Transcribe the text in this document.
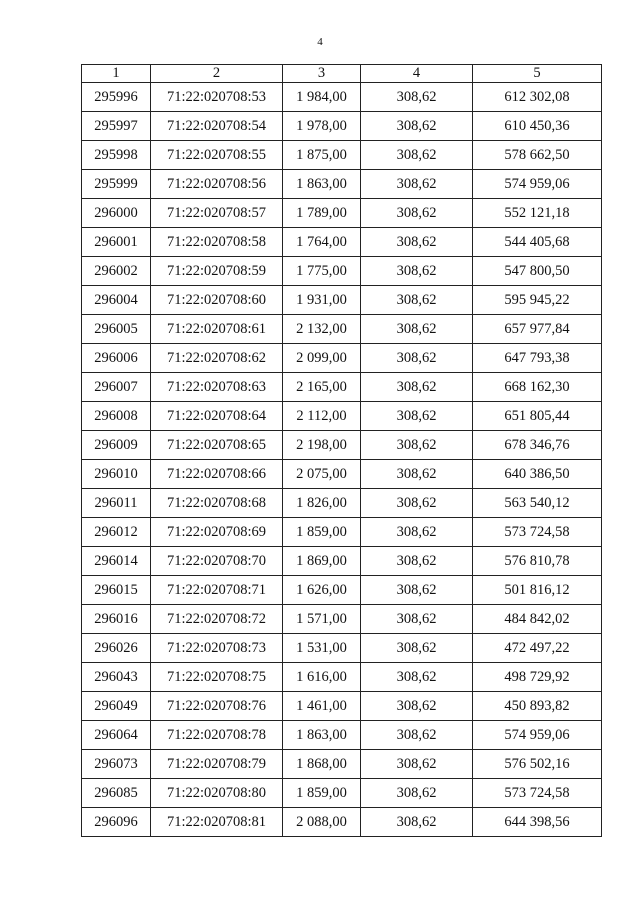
4
1	2	3	4	5
295996	71:22:020708:53	1 984,00	308,62	612 302,08
295997	71:22:020708:54	1 978,00	308,62	610 450,36
295998	71:22:020708:55	1 875,00	308,62	578 662,50
295999	71:22:020708:56	1 863,00	308,62	574 959,06
296000	71:22:020708:57	1 789,00	308,62	552 121,18
296001	71:22:020708:58	1 764,00	308,62	544 405,68
296002	71:22:020708:59	1 775,00	308,62	547 800,50
296004	71:22:020708:60	1 931,00	308,62	595 945,22
296005	71:22:020708:61	2 132,00	308,62	657 977,84
296006	71:22:020708:62	2 099,00	308,62	647 793,38
296007	71:22:020708:63	2 165,00	308,62	668 162,30
296008	71:22:020708:64	2 112,00	308,62	651 805,44
296009	71:22:020708:65	2 198,00	308,62	678 346,76
296010	71:22:020708:66	2 075,00	308,62	640 386,50
296011	71:22:020708:68	1 826,00	308,62	563 540,12
296012	71:22:020708:69	1 859,00	308,62	573 724,58
296014	71:22:020708:70	1 869,00	308,62	576 810,78
296015	71:22:020708:71	1 626,00	308,62	501 816,12
296016	71:22:020708:72	1 571,00	308,62	484 842,02
296026	71:22:020708:73	1 531,00	308,62	472 497,22
296043	71:22:020708:75	1 616,00	308,62	498 729,92
296049	71:22:020708:76	1 461,00	308,62	450 893,82
296064	71:22:020708:78	1 863,00	308,62	574 959,06
296073	71:22:020708:79	1 868,00	308,62	576 502,16
296085	71:22:020708:80	1 859,00	308,62	573 724,58
296096	71:22:020708:81	2 088,00	308,62	644 398,56
